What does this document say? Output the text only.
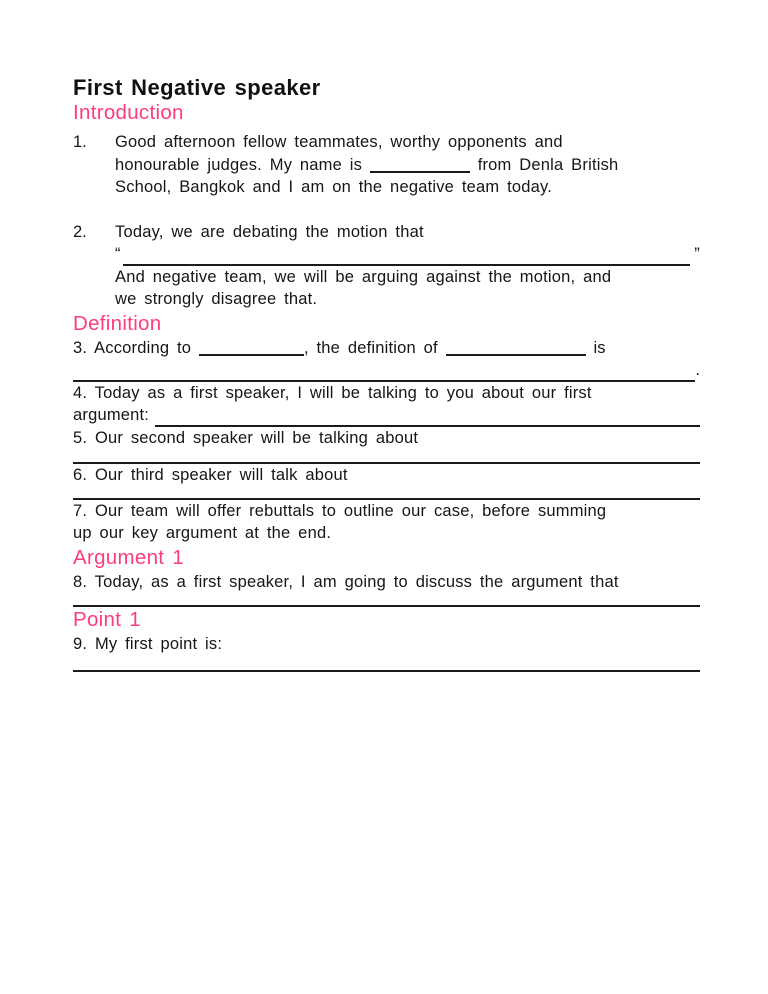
First Negative speaker
Introduction
1.	Good afternoon fellow teammates, worthy opponents and
honourable judges. My name is	from Denla British
School, Bangkok and I am on the negative team today.
2.	Today, we are debating the motion that
“	”
And negative team, we will be arguing against the motion, and
we strongly disagree that.
Definition

3. According to	, the definition of	is

.

4. Today as a first speaker, I will be talking to you about our first

argument:

5. Our second speaker will be talking about

6. Our third speaker will talk about

7. Our team will offer rebuttals to outline our case, before summing
up our key argument at the end.

Argument 1

8. Today, as a first speaker, I am going to discuss the argument that

Point 1

9. My first point is:
